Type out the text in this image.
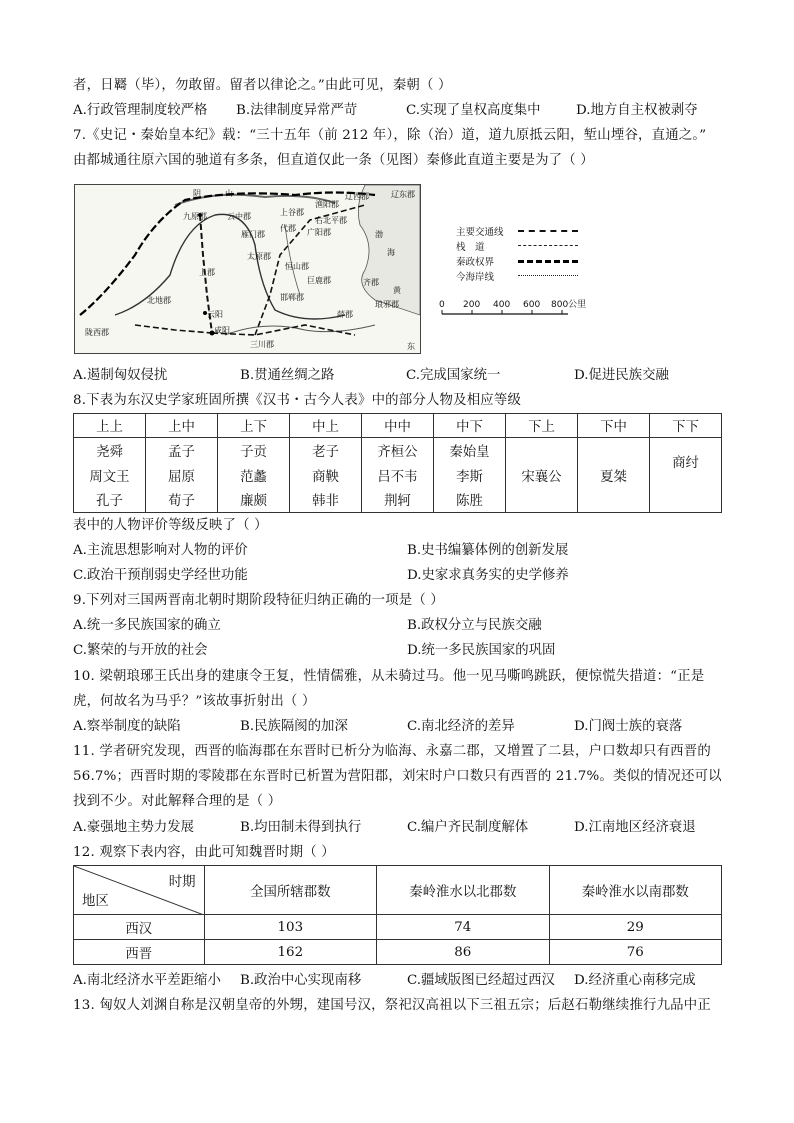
者，日羇（毕），勿敢留。留者以律论之。”由此可见，秦朝（ ）
A.行政管理制度较严格 B.法律制度异常严苛	C.实现了皇权高度集中	D.地方自主权被剥夺
7.《史记・秦始皇本纪》载：“三十五年（前 212 年），除（治）道，道九原抵云阳，堑山堙谷，直通之。”
由都城通往原六国的驰道有多条，但直道仅此一条（见图）秦修此直道主要是为了（ ）
阴	山
九原郡	云中郡	上谷郡
渔阳郡
辽西郡	辽东郡
右北平郡
雁门郡
代郡 广阳郡
上郡
太原郡
恒山郡
邯郸郡
巨鹿郡	齐郡
琅邪郡
北地郡
云阳
咸阳
三川郡
陇西郡
薛郡
渤
海
黄
东
主要交通线
栈　道
秦政权界
今海岸线
0 200 400 600 800公里
A.遏制匈奴侵扰	B.贯通丝绸之路	C.完成国家统一	D.促进民族交融
8.下表为东汉史学家班固所撰《汉书・古今人表》中的部分人物及相应等级
上上	上中	上下	中上	中中	中下	下上	下中	下下
尧舜	孟子	子贡	老子	齐桓公	秦始皇	宋襄公	夏桀	商纣
周文王	屈原	范蠡	商鞅	吕不韦	李斯			
孔子	荀子	廉颇	韩非	荆轲	陈胜			
表中的人物评价等级反映了（ ）
A.主流思想影响对人物的评价	B.史书编纂体例的创新发展
C.政治干预削弱史学经世功能	D.史家求真务实的史学修养
9.下列对三国两晋南北朝时期阶段特征归纳正确的一项是（ ）
A.统一多民族国家的确立	B.政权分立与民族交融
C.繁荣的与开放的社会	D.统一多民族国家的巩固
10. 梁朝琅琊王氏出身的建康令王复，性情儒雅，从未骑过马。他一见马嘶鸣跳跃，便惊慌失措道：“正是
虎，何故名为马乎？”该故事折射出（ ）
A.察举制度的缺陷	B.民族隔阂的加深	C.南北经济的差异	D.门阀士族的衰落
11. 学者研究发现，西晋的临海郡在东晋时已析分为临海、永嘉二郡，又增置了二县，户口数却只有西晋的
56.7%；西晋时期的零陵郡在东晋时已析置为营阳郡，刘宋时户口数只有西晋的 21.7%。类似的情况还可以
找到不少。对此解释合理的是（ ）
A.豪强地主势力发展	B.均田制未得到执行	C.编户齐民制度解体	D.江南地区经济衰退
12. 观察下表内容，由此可知魏晋时期（ ）
时期
地区	全国所辖郡数	秦岭淮水以北郡数	秦岭淮水以南郡数
西汉	103	74	29
西晋	162	86	76
A.南北经济水平差距缩小 B.政治中心实现南移	C.疆域版图已经超过西汉 D.经济重心南移完成
13. 匈奴人刘渊自称是汉朝皇帝的外甥，建国号汉，祭祀汉高祖以下三祖五宗；后赵石勒继续推行九品中正
